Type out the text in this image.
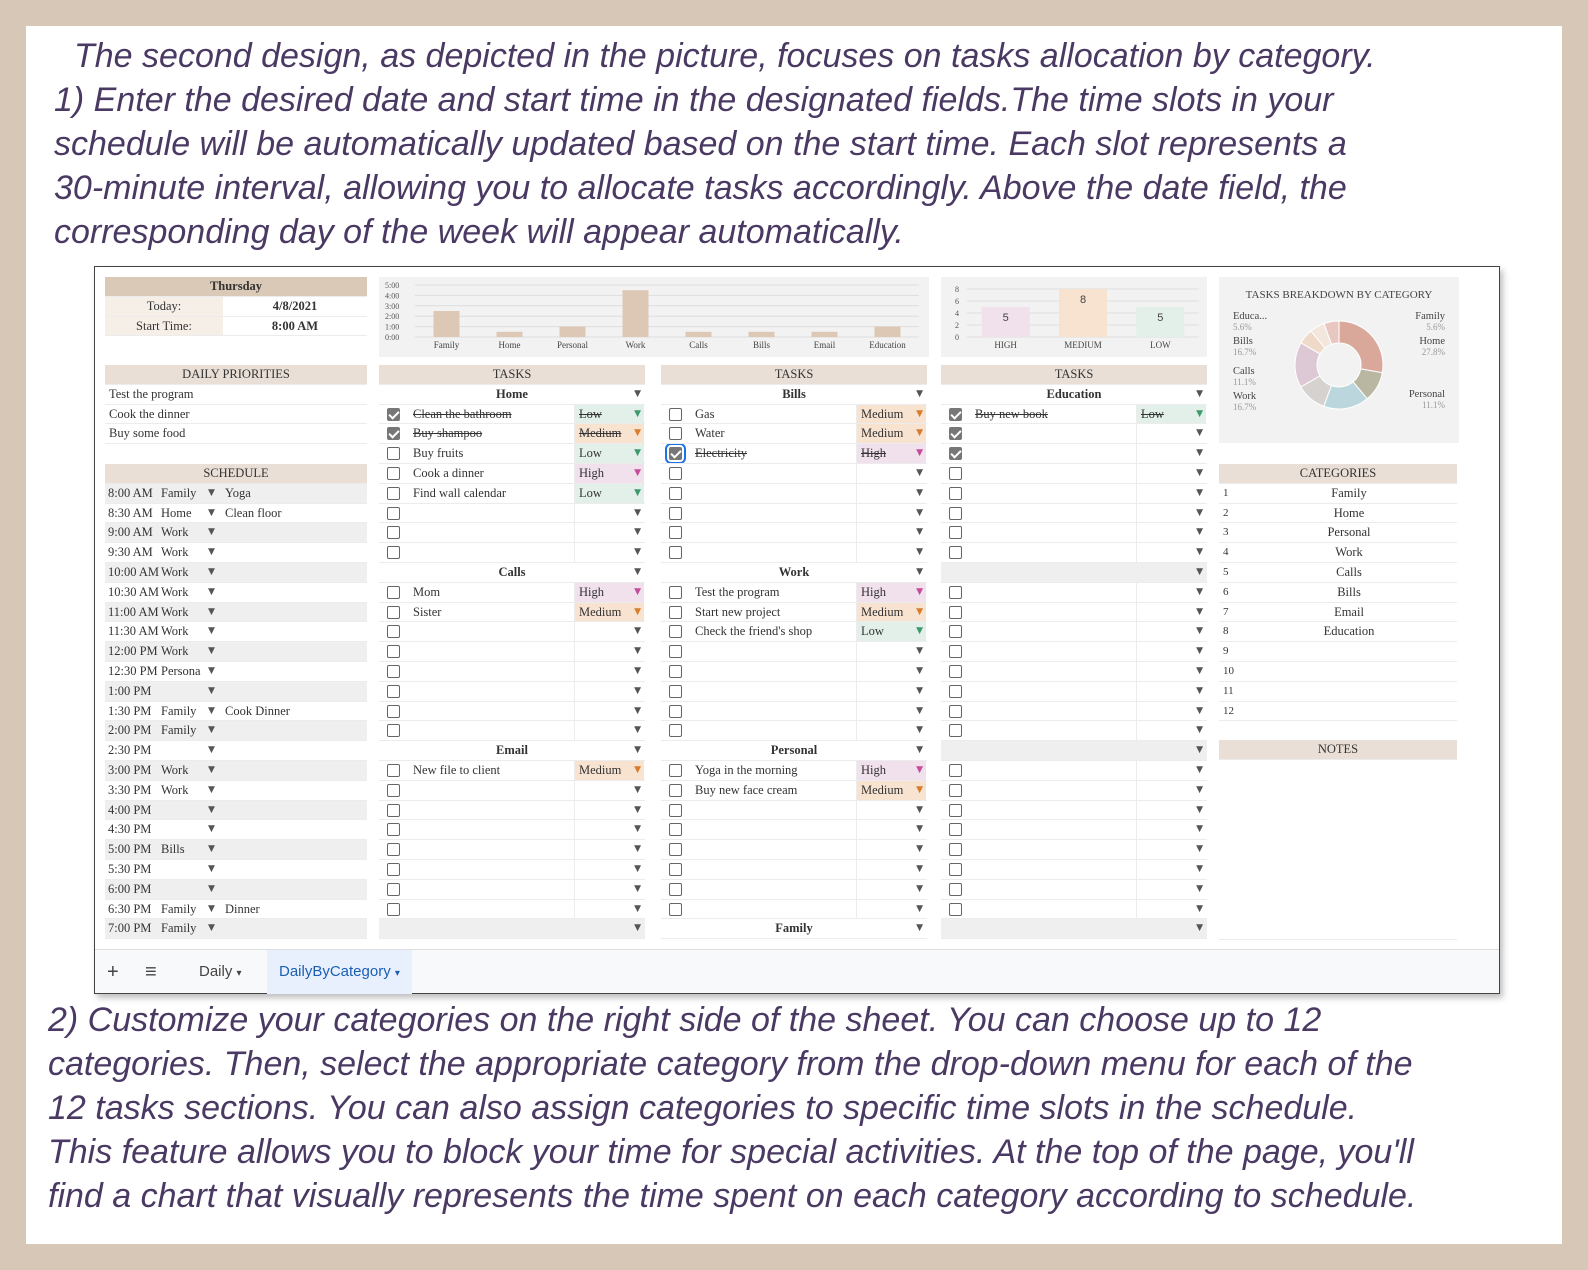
The second design, as depicted in the picture, focuses on tasks allocation by category.
1) Enter the desired date and start time in the designated fields.The time slots in your
schedule will be automatically updated based on the start time. Each slot represents a
30-minute interval, allowing you to allocate tasks accordingly. Above the date field, the
corresponding day of the week will appear automatically.
Thursday
Today:	4/8/2021
Start Time:	8:00 AM
0:00
1:00
2:00
3:00
4:00
5:00
Family	Home	Personal	Work	Calls	Bills	Email	Education
0
2
4
6
8
5
HIGH
8
MEDIUM
5
LOW
TASKS BREAKDOWN BY CATEGORY
Educa...
5.6%
Bills
16.7%
Calls
11.1%
Work
16.7%
Family
5.6%
Home
27.8%
Personal
11.1%
DAILY PRIORITIES
Test the program
Cook the dinner
Buy some food
SCHEDULE
8:00 AM Family ▼ Yoga
8:30 AM Home ▼ Clean floor
9:00 AM Work ▼
9:30 AM Work ▼
10:00 AM Work ▼
10:30 AM Work ▼
11:00 AM Work ▼
11:30 AM Work ▼
12:00 PM Work ▼
12:30 PM Persona ▼
1:00 PM	▼
1:30 PM Family ▼ Cook Dinner
2:00 PM Family ▼
2:30 PM	▼
3:00 PM Work ▼
3:30 PM Work ▼
4:00 PM	▼
4:30 PM	▼
5:00 PM Bills	▼
5:30 PM	▼
6:00 PM	▼
6:30 PM Family ▼ Dinner
7:00 PM Family ▼
TASKS
Home	▼
Clean the bathroom	Low	▼
Buy shampoo	Medium	▼
Buy fruits	Low	▼
Cook a dinner	High	▼
Find wall calendar	Low	▼
▼
▼
▼
Calls	▼
Mom	High	▼
Sister	Medium	▼
▼
▼
▼
▼
▼
▼
Email	▼
New file to client	Medium	▼
▼
▼
▼
▼
▼
▼
▼
▼
TASKS
Bills	▼
Gas	Medium	▼
Water	Medium	▼
Electricity	High	▼
▼
▼
▼
▼
▼
Work	▼
Test the program	High	▼
Start new project	Medium	▼
Check the friend's shop	Low	▼
▼
▼
▼
▼
▼
Personal	▼
Yoga in the morning	High	▼
Buy new face cream	Medium	▼
▼
▼
▼
▼
▼
▼
Family	▼
TASKS
Education	▼
Buy new book	Low	▼
▼
▼
▼
▼
▼
▼
▼
▼
▼
▼
▼
▼
▼
▼
▼
▼
▼
▼
▼
▼
▼
▼
▼
▼
▼
▼
CATEGORIES
1	Family
2	Home
3	Personal
4	Work
5	Calls
6	Bills
7	Email
8	Education
9
10
11
12
NOTES
+ ≡	Daily ▾	DailyByCategory ▾
2) Customize your categories on the right side of the sheet. You can choose up to 12
categories. Then, select the appropriate category from the drop-down menu for each of the
12 tasks sections. You can also assign categories to specific time slots in the schedule.
This feature allows you to block your time for special activities. At the top of the page, you'll
find a chart that visually represents the time spent on each category according to schedule.
